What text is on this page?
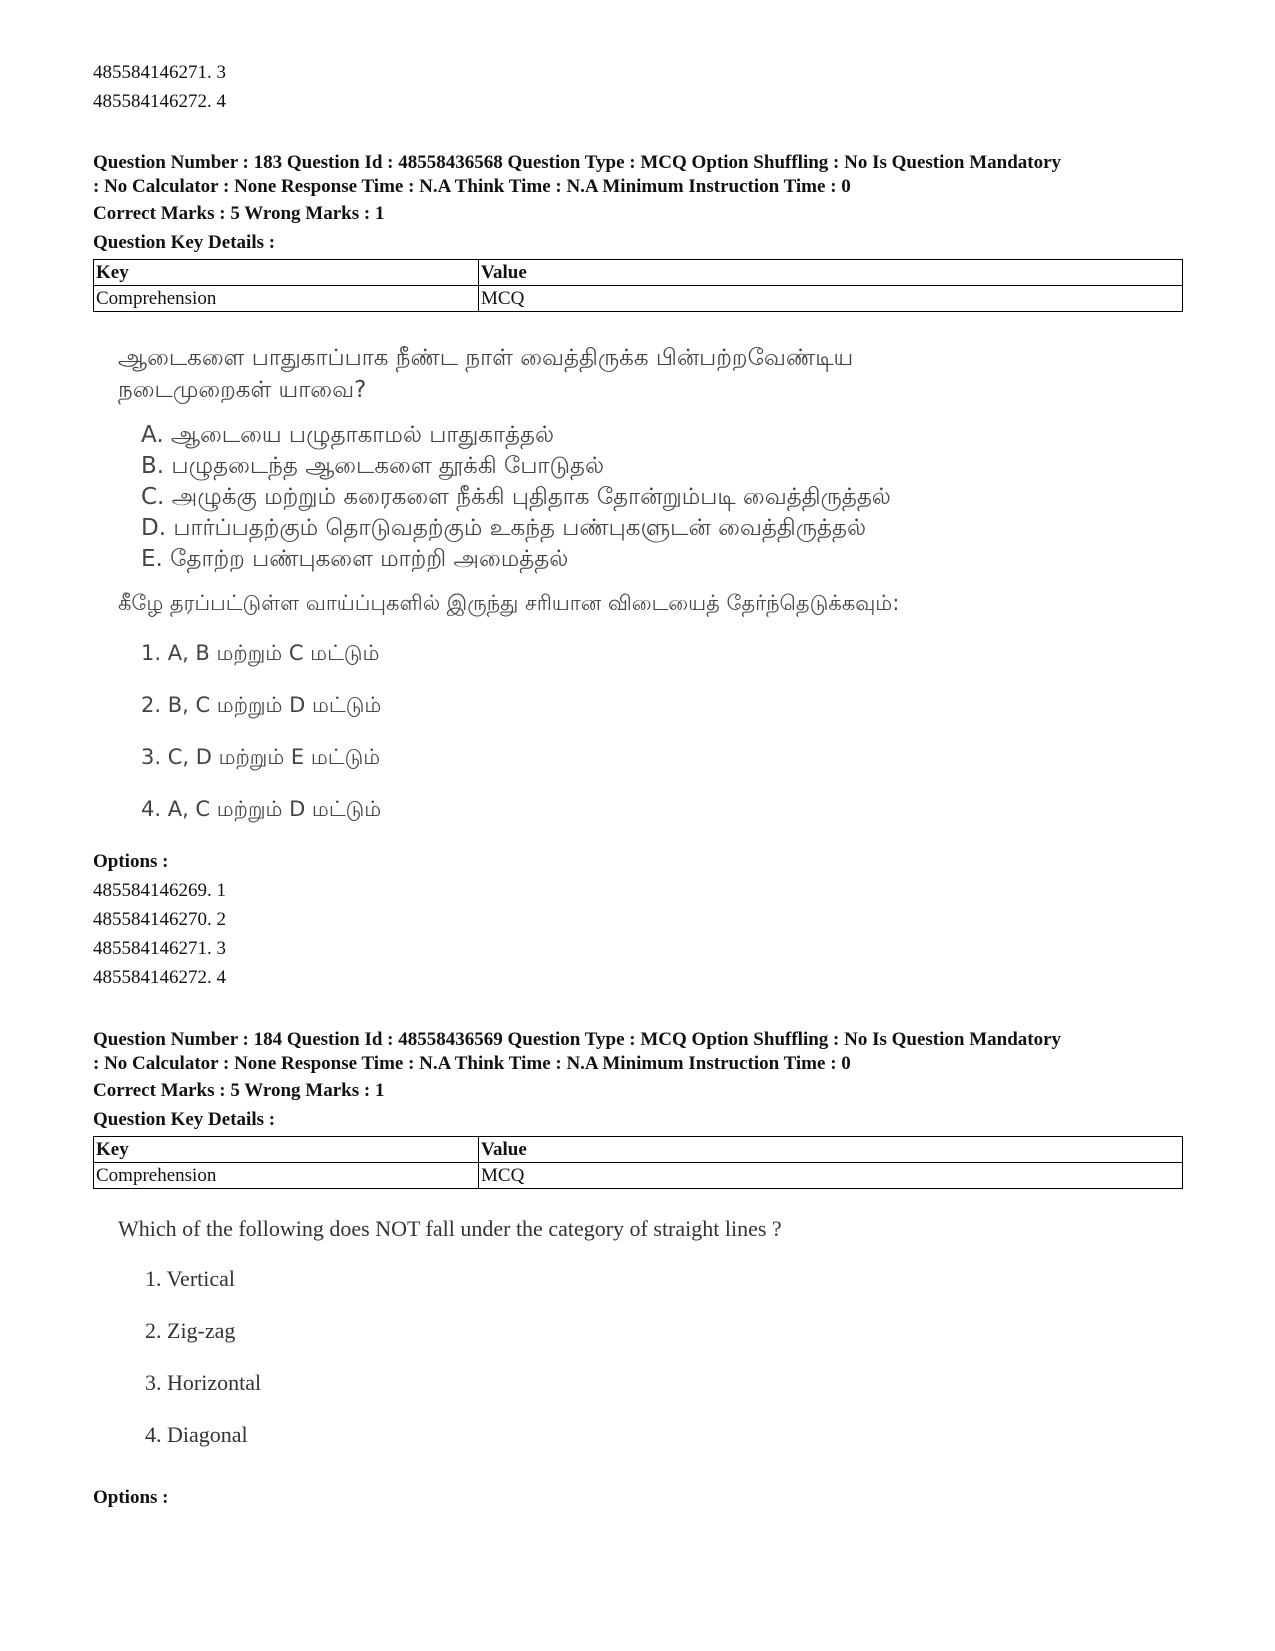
485584146271. 3
485584146272. 4
Question Number : 183 Question Id : 48558436568 Question Type : MCQ Option Shuffling : No Is Question Mandatory
: No Calculator : None Response Time : N.A Think Time : N.A Minimum Instruction Time : 0
Correct Marks : 5 Wrong Marks : 1
Question Key Details :
Key	Value
Comprehension	MCQ
ஆடைகளை பாதுகாப்பாக நீண்ட நாள் வைத்திருக்க பின்பற்றவேண்டிய
நடைமுறைகள் யாவை?
A. ஆடையை பழுதாகாமல் பாதுகாத்தல்
B. பழுதடைந்த ஆடைகளை தூக்கி போடுதல்
C. அழுக்கு மற்றும் கரைகளை நீக்கி புதிதாக தோன்றும்படி வைத்திருத்தல்
D. பார்ப்பதற்கும் தொடுவதற்கும் உகந்த பண்புகளுடன் வைத்திருத்தல்
E. தோற்ற பண்புகளை மாற்றி அமைத்தல்
கீழே தரப்பட்டுள்ள வாய்ப்புகளில் இருந்து சரியான விடையைத் தேர்ந்தெடுக்கவும்:
1. A, B மற்றும் C மட்டும்
2. B, C மற்றும் D மட்டும்
3. C, D மற்றும் E மட்டும்
4. A, C மற்றும் D மட்டும்
Options :
485584146269. 1
485584146270. 2
485584146271. 3
485584146272. 4
Question Number : 184 Question Id : 48558436569 Question Type : MCQ Option Shuffling : No Is Question Mandatory
: No Calculator : None Response Time : N.A Think Time : N.A Minimum Instruction Time : 0
Correct Marks : 5 Wrong Marks : 1
Question Key Details :
Key	Value
Comprehension	MCQ
Which of the following does NOT fall under the category of straight lines ?
1. Vertical
2. Zig-zag
3. Horizontal
4. Diagonal
Options :
